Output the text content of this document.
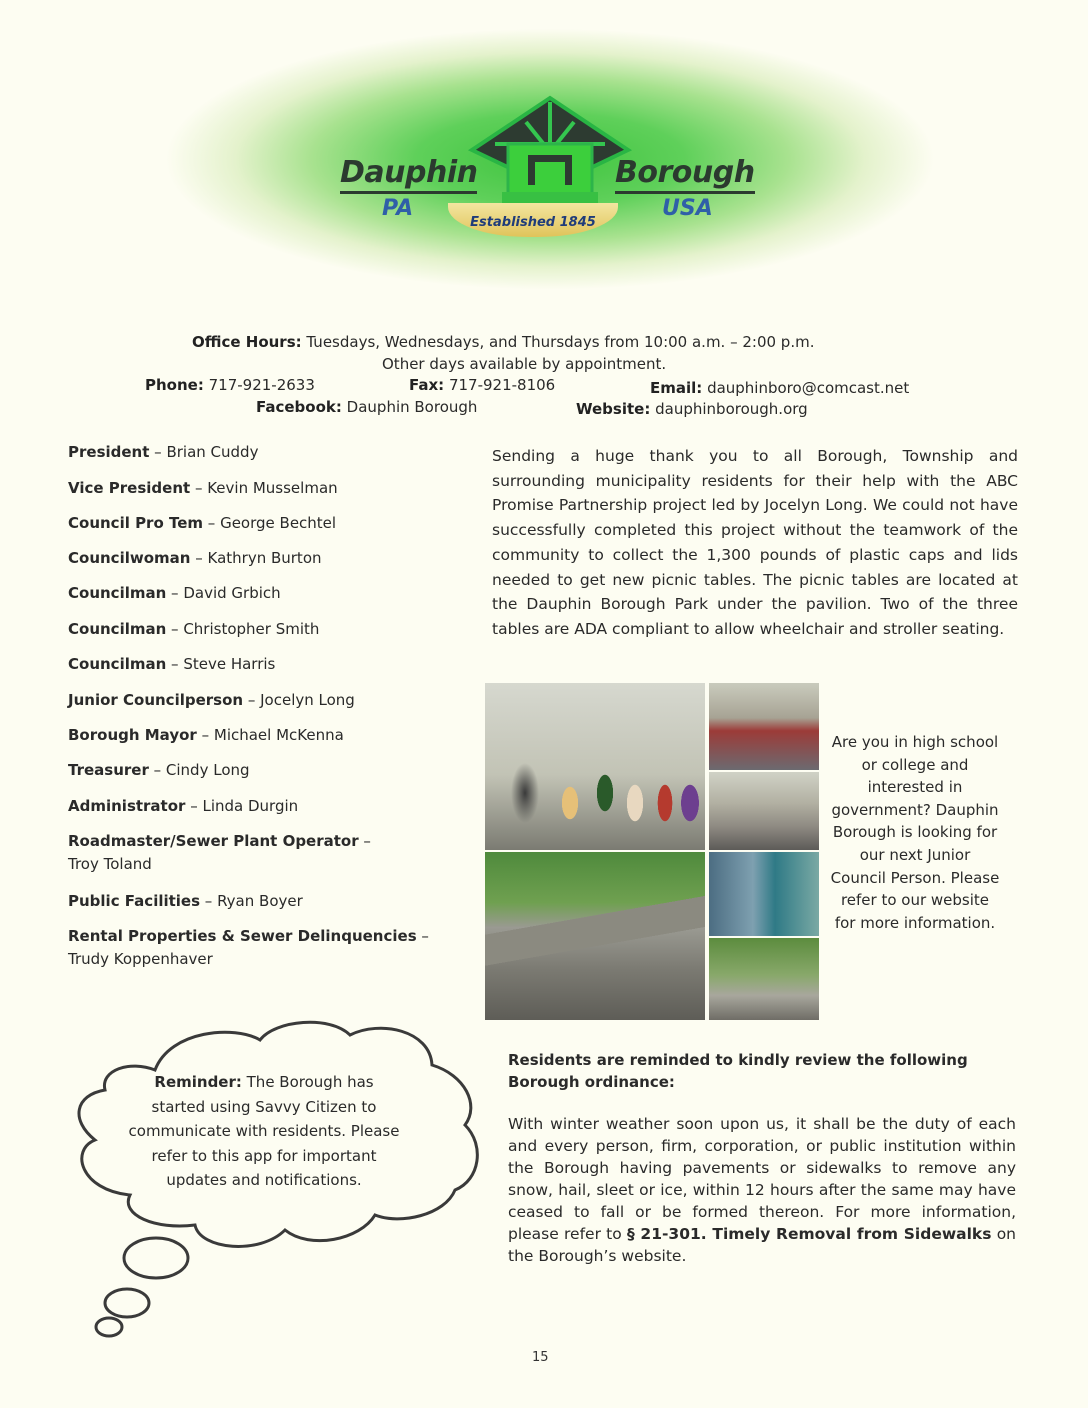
Dauphin	Borough
PA	USA
Established 1845
Office Hours: Tuesdays, Wednesdays, and Thursdays from 10:00 a.m. – 2:00 p.m.
Other days available by appointment.
Phone: 717-921-2633	Fax: 717-921-8106	Email: dauphinboro@comcast.net
Facebook: Dauphin Borough	Website: dauphinborough.org
President – Brian Cuddy
Vice President – Kevin Musselman
Council Pro Tem – George Bechtel
Councilwoman – Kathryn Burton
Councilman – David Grbich
Councilman – Christopher Smith
Councilman – Steve Harris
Junior Councilperson – Jocelyn Long
Borough Mayor – Michael McKenna
Treasurer – Cindy Long
Administrator – Linda Durgin
Roadmaster/Sewer Plant Operator –
Troy Toland
Public Facilities – Ryan Boyer
Rental Properties & Sewer Delinquencies –
Trudy Koppenhaver
Sending a huge thank you to all Borough, Township and surrounding municipality residents for their help with the ABC Promise Partnership project led by Jocelyn Long. We could not have successfully completed this project without the teamwork of the community to collect the 1,300 pounds of plastic caps and lids needed to get new picnic tables. The picnic tables are located at the Dauphin Borough Park under the pavilion. Two of the three tables are ADA compliant to allow wheelchair and stroller seating.
Are you in high school or college and interested in government? Dauphin Borough is looking for our next Junior Council Person. Please refer to our website for more information.
Reminder: The Borough has started using Savvy Citizen to communicate with residents. Please refer to this app for important updates and notifications.
Residents are reminded to kindly review the following Borough ordinance:
With winter weather soon upon us, it shall be the duty of each and every person, firm, corporation, or public institution within the Borough having pavements or sidewalks to remove any snow, hail, sleet or ice, within 12 hours after the same may have ceased to fall or be formed thereon. For more information, please refer to § 21-301. Timely Removal from Sidewalks on the Borough’s website.
15
